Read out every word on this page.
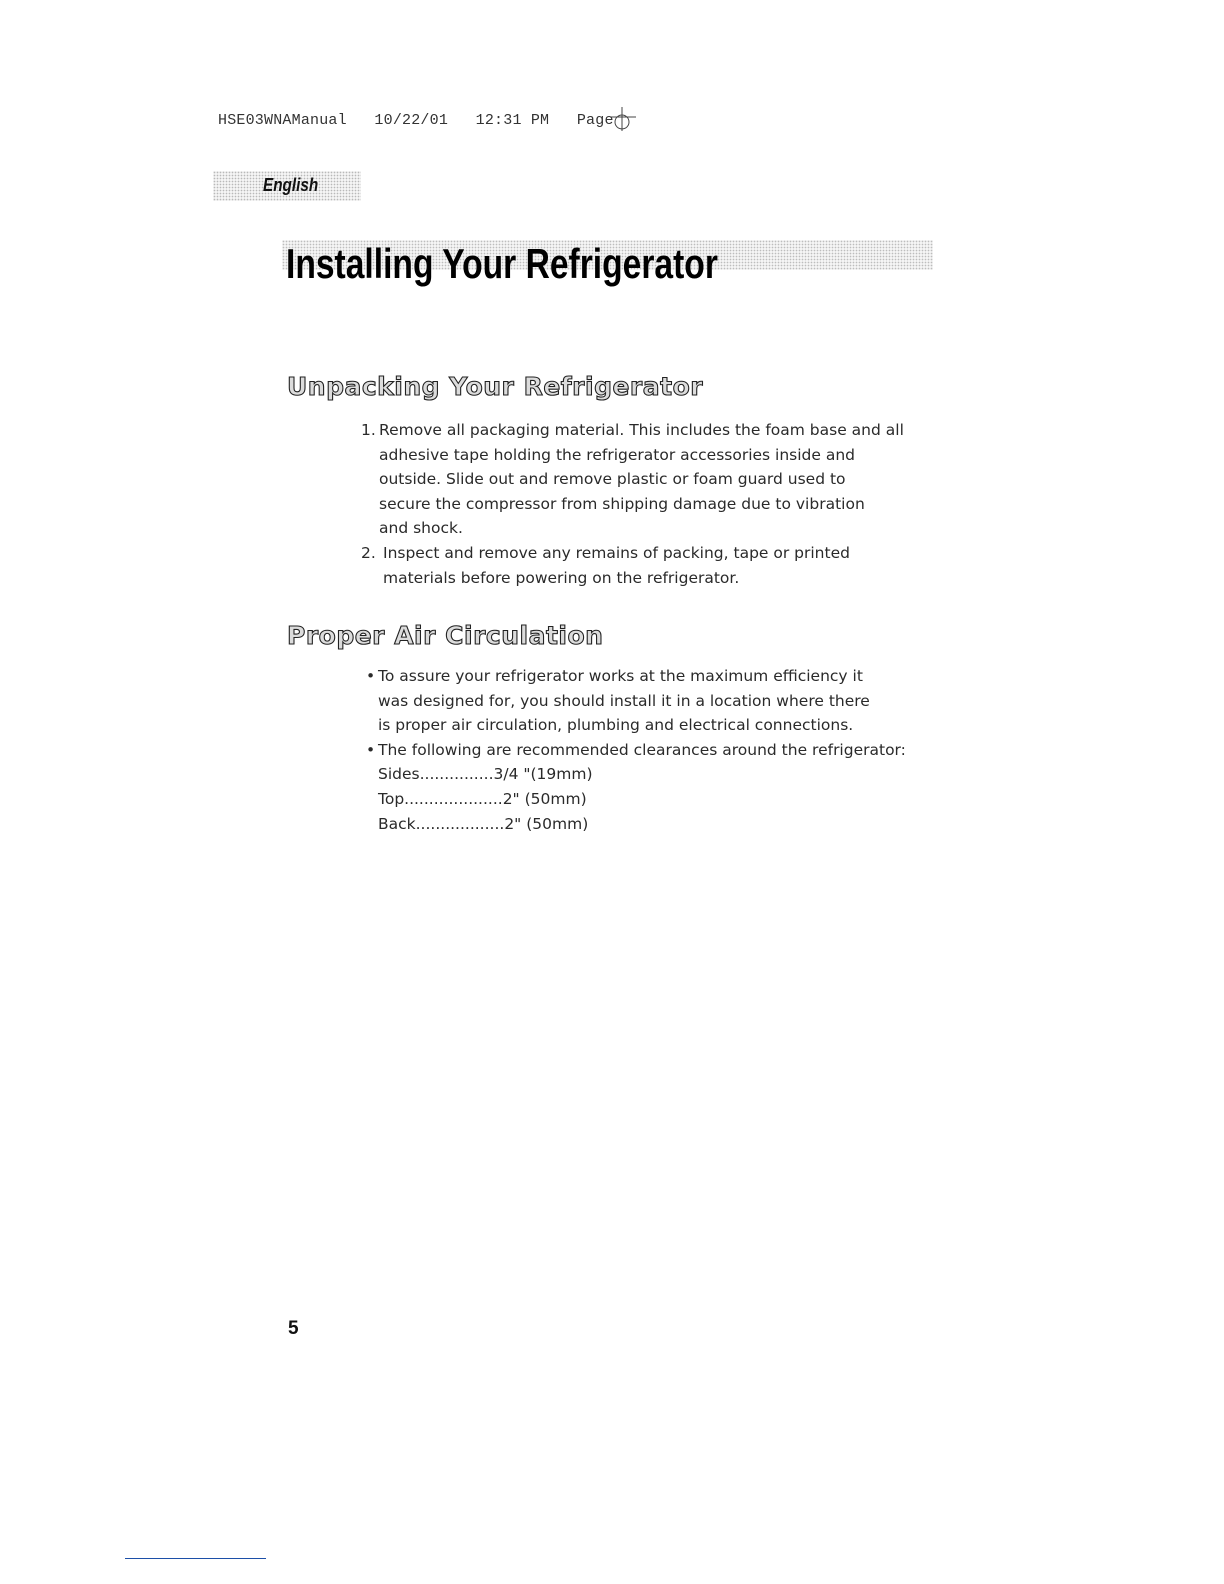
HSE03WNAManual   10/22/01   12:31 PM   Page
English
Installing Your Refrigerator
Unpacking Your Refrigerator
1. Remove all packaging material. This includes the foam base and all
adhesive tape holding the refrigerator accessories inside and
outside. Slide out and remove plastic or foam guard used to
secure the compressor from shipping damage due to vibration
and shock.
2. Inspect and remove any remains of packing, tape or printed
materials before powering on the refrigerator.
Proper Air Circulation
• To assure your refrigerator works at the maximum efficiency it
was designed for, you should install it in a location where there
is proper air circulation, plumbing and electrical connections.
• The following are recommended clearances around the refrigerator:
Sides...............3/4 "(19mm)
Top....................2" (50mm)
Back..................2" (50mm)
5
